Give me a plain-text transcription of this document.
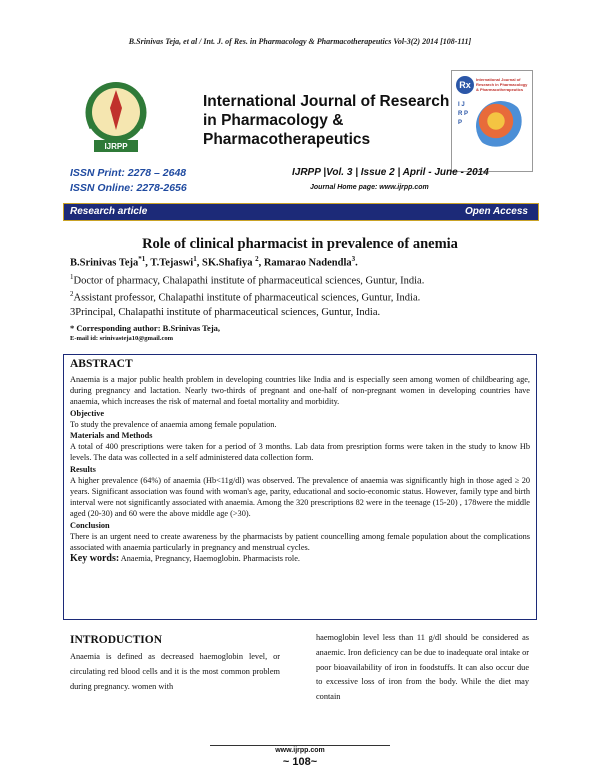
B.Srinivas Teja, et al / Int. J. of Res. in Pharmacology & Pharmacotherapeutics Vol-3(2) 2014 [108-111]
IJRPP
International Journal of Research in Pharmacology & Pharmacotherapeutics
Rx
International Journal of Research in Pharmacology & Pharmacotherapeutics
I J R P P
ISSN Print: 2278 – 2648
ISSN Online: 2278-2656
IJRPP |Vol. 3 | Issue 2 | April - June - 2014
Journal Home page: www.ijrpp.com
Research article	Open Access
Role of clinical pharmacist in prevalence of anemia
B.Srinivas Teja$^{*1}$, T.Tejaswi$^1$, SK.Shafiya $^2$, Ramarao Nadendla$^3$.
$^1$Doctor of pharmacy, Chalapathi institute of pharmaceutical sciences, Guntur, India.
$^2$Assistant professor, Chalapathi institute of pharmaceutical sciences, Guntur, India.
3Principal, Chalapathi institute of pharmaceutical sciences, Guntur, India.
* Corresponding author: B.Srinivas Teja,
E-mail id: srinivasteja10@gmail.com
ABSTRACT

Anaemia is a major public health problem in developing countries like India and is especially seen among women of childbearing age, during pregnancy and lactation. Nearly two-thirds of pregnant and one-half of non-pregnant women in developing countries have anaemia, which increases the risk of maternal and foetal mortality and morbidity.

Objective

To study the prevalence of anaemia among female population.

Materials and Methods

A total of 400 prescriptions were taken for a period of 3 months. Lab data from presription forms were taken in the study to know Hb levels. The data was collected in a self administered data collection form.

Results

A higher prevalence (64%) of anaemia (Hb<11g/dl) was observed. The prevalence of anaemia was significantly high in those aged ≥ 20 years. Significant association was found with woman's age, parity, educational and socio-economic status. However, family type and birth interval were not significantly associated with anaemia. Among the 320 prescriptions 82 were in the teenage (15-20) , 178were the middle aged (20-30) and 60 were the above middle age (>30).

Conclusion

There is an urgent need to create awareness by the pharmacists by patient councelling among female population about the complications associated with anaemia particularly in pregnancy and menstrual cycles.

Key words: Anaemia, Pregnancy, Haemoglobin. Pharmacists role.

INTRODUCTION
Anaemia is defined as decreased haemoglobin level, or circulating red blood cells and it is the most common problem during pregnancy. women with
haemoglobin level less than 11 g/dl should be considered as anaemic. Iron deficiency can be due to inadequate oral intake or poor bioavailability of iron in foodstuffs. It can also occur due to excessive loss of iron from the body. While the diet may contain
www.ijrpp.com
~ 108~
